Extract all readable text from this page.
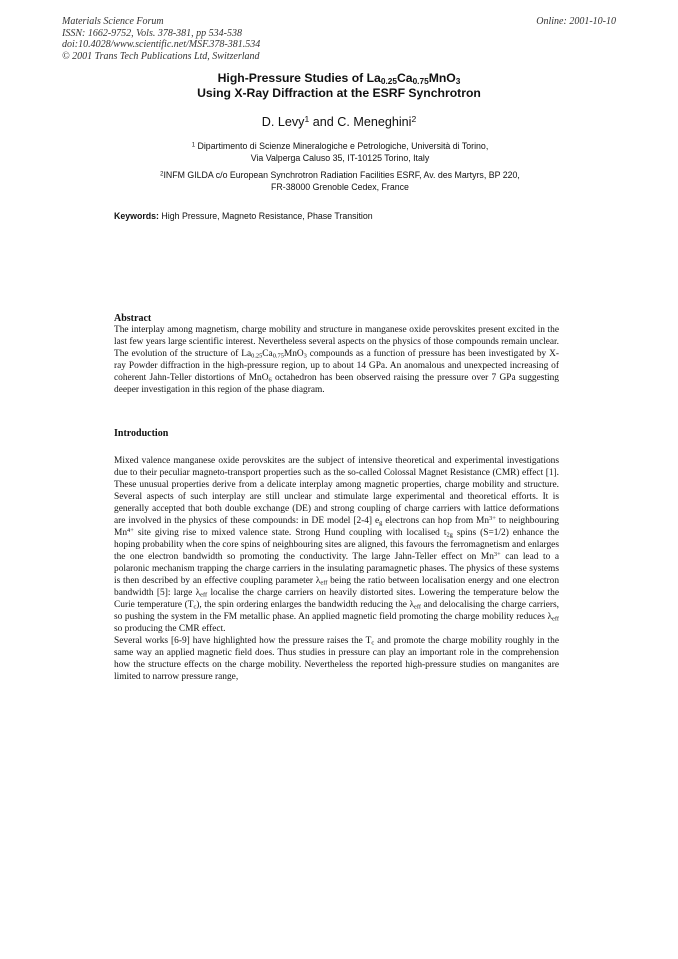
Materials Science Forum
ISSN: 1662-9752, Vols. 378-381, pp 534-538
doi:10.4028/www.scientific.net/MSF.378-381.534
© 2001 Trans Tech Publications Ltd, Switzerland
Online: 2001-10-10
High-Pressure Studies of $La_{0.25}Ca_{0.75}MnO_3$
Using X-Ray Diffraction at the ESRF Synchrotron
D. Levy$^1$ and C. Meneghini$^2$
$^1$ Dipartimento di Scienze Mineralogiche e Petrologiche, Università di Torino,
Via Valperga Caluso 35, IT-10125 Torino, Italy
$^2$INFM GILDA c/o European Synchrotron Radiation Facilities ESRF, Av. des Martyrs, BP 220,
FR-38000 Grenoble Cedex, France
Keywords: High Pressure, Magneto Resistance, Phase Transition
Abstract
The interplay among magnetism, charge mobility and structure in manganese oxide perovskites present excited in the last few years large scientific interest. Nevertheless several aspects on the physics of those compounds remain unclear. The evolution of the structure of $La_{0.25}Ca_{0.75}MnO_3$ compounds as a function of pressure has been investigated by X-ray Powder diffraction in the high-pressure region, up to about 14 GPa. An anomalous and unexpected increasing of coherent Jahn-Teller distortions of MnO$_6$ octahedron has been observed raising the pressure over 7 GPa suggesting deeper investigation in this region of the phase diagram.
Introduction

Mixed valence manganese oxide perovskites are the subject of intensive theoretical and experimental investigations due to their peculiar magneto-transport properties such as the so-called Colossal Magnet Resistance (CMR) effect [1]. These unusual properties derive from a delicate interplay among magnetic properties, charge mobility and structure. Several aspects of such interplay are still unclear and stimulate large experimental and theoretical efforts. It is generally accepted that both double exchange (DE) and strong coupling of charge carriers with lattice deformations are involved in the physics of these compounds: in DE model [2-4] $e_g$ electrons can hop from $Mn^{3+}$ to neighbouring $Mn^{4+}$ site giving rise to mixed valence state. Strong Hund coupling with localised $t_{2g}$ spins (S=1/2) enhance the hoping probability when the core spins of neighbouring sites are aligned, this favours the ferromagnetism and enlarges the one electron bandwidth so promoting the conductivity. The large Jahn-Teller effect on $Mn^{3+}$ can lead to a polaronic mechanism trapping the charge carriers in the insulating paramagnetic phases. The physics of these systems is then described by an effective coupling parameter $\lambda_{eff}$ being the ratio between localisation energy and one electron bandwidth [5]: large $\lambda_{eff}$ localise the charge carriers on heavily distorted sites. Lowering the temperature below the Curie temperature $(T_c)$, the spin ordering enlarges the bandwidth reducing the $\lambda_{eff}$ and delocalising the charge carriers, so pushing the system in the FM metallic phase. An applied magnetic field promoting the charge mobility reduces $\lambda_{eff}$ so producing the CMR effect.

Several works [6-9] have highlighted how the pressure raises the $T_c$ and promote the charge mobility roughly in the same way an applied magnetic field does. Thus studies in pressure can play an important role in the comprehension how the structure effects on the charge mobility. Nevertheless the reported high-pressure studies on manganites are limited to narrow pressure range,
